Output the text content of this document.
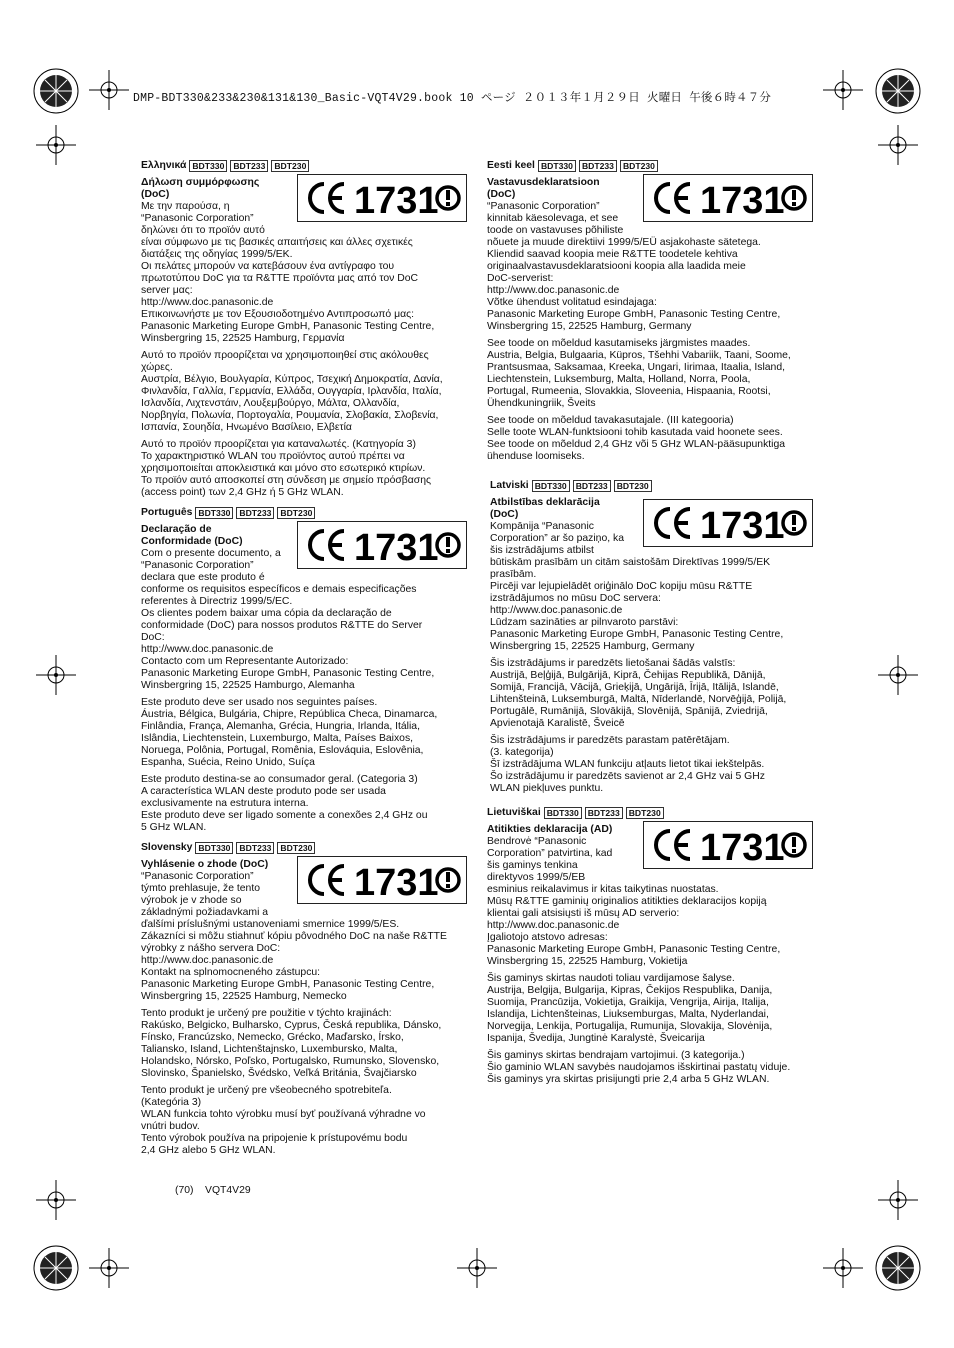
DMP-BDT330&233&230&131&130_Basic-VQT4V29.book 10 ページ ２０１３年１月２９日 火曜日 午後６時４７分
Ελληνικά BDT330	BDT233	BDT230
Δήλωση συμμόρφωσης
(DoC)
Με την παρούσα, η
“Panasonic Corporation”
δηλώνει ότι το προϊόν αυτό
είναι σύμφωνο με τις βασικές απαιτήσεις και άλλες σχετικές
διατάξεις της οδηγίας 1999/5/ΕΚ.
Οι πελάτες μπορούν να κατεβάσουν ένα αντίγραφο του
πρωτοτύπου DoC για τα R&TTE προϊόντα μας από τον DoC
server μας:
http://www.doc.panasonic.de
Επικοινωνήστε με τον Εξουσιοδοτημένο Αντιπροσωπό μας:
Panasonic Marketing Europe GmbH, Panasonic Testing Centre,
Winsbergring 15, 22525 Hamburg, Γερμανία
Αυτό το προϊόν προορίζεται να χρησιμοποιηθεί στις ακόλουθες
χώρες.
Αυστρία, Βέλγιο, Βουλγαρία, Κύπρος, Τσεχική Δημοκρατία, Δανία,
Φινλανδία, Γαλλία, Γερμανία, Ελλάδα, Ουγγαρία, Ιρλανδία, Ιταλία,
Ισλανδία, Λιχτενστάιν, Λουξεμβούργο, Μάλτα, Ολλανδία,
Νορβηγία, Πολωνία, Πορτογαλία, Ρουμανία, Σλοβακία, Σλοβενία,
Ισπανία, Σουηδία, Ηνωμένο Βασίλειο, Ελβετία
Αυτό το προϊόν προορίζεται για καταναλωτές. (Κατηγορία 3)
Το χαρακτηριστικό WLAN του προϊόντος αυτού πρέπει να
χρησιμοποιείται αποκλειστικά και μόνο στο εσωτερικό κτιρίων.
Το προϊόν αυτό αποσκοπεί στη σύνδεση με σημείο πρόσβασης
(access point) των 2,4 GHz ή 5 GHz WLAN.
1731
Português BDT330	BDT233	BDT230
Declaração de
Conformidade (DoC)
Com o presente documento, a
“Panasonic Corporation”
declara que este produto é
conforme os requisitos específicos e demais especificações
referentes à Directriz 1999/5/EC.
Os clientes podem baixar uma cópia da declaração de
conformidade (DoC) para nossos produtos R&TTE do Server
DoC:
http://www.doc.panasonic.de
Contacto com um Representante Autorizado:
Panasonic Marketing Europe GmbH, Panasonic Testing Centre,
Winsbergring 15, 22525 Hamburgo, Alemanha
Este produto deve ser usado nos seguintes países.
Áustria, Bélgica, Bulgária, Chipre, República Checa, Dinamarca,
Finlândia, França, Alemanha, Grécia, Hungria, Irlanda, Itália,
Islândia, Liechtenstein, Luxemburgo, Malta, Países Baixos,
Noruega, Polônia, Portugal, Romênia, Eslováquia, Eslovênia,
Espanha, Suécia, Reino Unido, Suíça
Este produto destina-se ao consumador geral. (Categoria 3)
A característica WLAN deste produto pode ser usada
exclusivamente na estrutura interna.
Este produto deve ser ligado somente a conexões 2,4 GHz ou
5 GHz WLAN.
1731
Slovensky BDT330	BDT233	BDT230
Vyhlásenie o zhode (DoC)
“Panasonic Corporation”
týmto prehlasuje, že tento
výrobok je v zhode so
základnými požiadavkami a
ďalšími príslušnými ustanoveniami smernice 1999/5/ES.
Zákazníci si môžu stiahnuť kópiu pôvodného DoC na naše R&TTE
výrobky z nášho servera DoC:
http://www.doc.panasonic.de
Kontakt na splnomocneného zástupcu:
Panasonic Marketing Europe GmbH, Panasonic Testing Centre,
Winsbergring 15, 22525 Hamburg, Nemecko
Tento produkt je určený pre použitie v týchto krajinách:
Rakúsko, Belgicko, Bulharsko, Cyprus, Česká republika, Dánsko,
Fínsko, Francúzsko, Nemecko, Grécko, Maďarsko, Írsko,
Taliansko, Island, Lichtenštajnsko, Luxembursko, Malta,
Holandsko, Nórsko, Poľsko, Portugalsko, Rumunsko, Slovensko,
Slovinsko, Španielsko, Švédsko, Veľká Británia, Švajčiarsko
Tento produkt je určený pre všeobecného spotrebiteľa.
(Kategória 3)
WLAN funkcia tohto výrobku musí byť používaná výhradne vo
vnútri budov.
Tento výrobok používa na pripojenie k prístupovému bodu
2,4 GHz alebo 5 GHz WLAN.
1731
Eesti keel BDT330	BDT233	BDT230
Vastavusdeklaratsioon
(DoC)
“Panasonic Corporation”
kinnitab käesolevaga, et see
toode on vastavuses põhiliste
nõuete ja muude direktiivi 1999/5/EÜ asjakohaste sätetega.
Kliendid saavad koopia meie R&TTE toodetele kehtiva
originaalvastavusdeklaratsiooni koopia alla laadida meie
DoC-serverist:
http://www.doc.panasonic.de
Võtke ühendust volitatud esindajaga:
Panasonic Marketing Europe GmbH, Panasonic Testing Centre,
Winsbergring 15, 22525 Hamburg, Germany
See toode on mõeldud kasutamiseks järgmistes maades.
Austria, Belgia, Bulgaaria, Küpros, Tšehhi Vabariik, Taani, Soome,
Prantsusmaa, Saksamaa, Kreeka, Ungari, Iirimaa, Itaalia, Island,
Liechtenstein, Luksemburg, Malta, Holland, Norra, Poola,
Portugal, Rumeenia, Slovakkia, Sloveenia, Hispaania, Rootsi,
Ühendkuningriik, Šveits
See toode on mõeldud tavakasutajale. (III kategooria)
Selle toote WLAN-funktsiooni tohib kasutada vaid hoonete sees.
See toode on mõeldud 2,4 GHz või 5 GHz WLAN-pääsupunktiga
ühenduse loomiseks.
1731
Latviski BDT330	BDT233	BDT230
Atbilstības deklarācija
(DoC)
Kompānija “Panasonic
Corporation” ar šo paziņo, ka
šis izstrādājums atbilst
būtiskām prasībām un citām saistošām Direktīvas 1999/5/EK
prasībām.
Pircēji var lejupielādēt oriģinālo DoC kopiju mūsu R&TTE
izstrādājumos no mūsu DoC servera:
http://www.doc.panasonic.de
Lūdzam sazināties ar pilnvaroto parstāvi:
Panasonic Marketing Europe GmbH, Panasonic Testing Centre,
Winsbergring 15, 22525 Hamburg, Germany
Šis izstrādājums ir paredzēts lietošanai šādās valstīs:
Austrijā, Beļģijā, Bulgārijā, Kiprā, Čehijas Republikā, Dānijā,
Somijā, Francijā, Vācijā, Grieķijā, Ungārijā, Īrijā, Itālijā, Islandē,
Lihtenšteinā, Luksemburgā, Maltā, Nīderlandē, Norvēģijā, Polijā,
Portugālē, Rumānijā, Slovākijā, Slovēnijā, Spānijā, Zviedrijā,
Apvienotajā Karalistē, Šveicē
Šis izstrādājums ir paredzēts parastam patērētājam.
(3. kategorija)
Šī izstrādājuma WLAN funkciju atļauts lietot tikai iekštelpās.
Šo izstrādājumu ir paredzēts savienot ar 2,4 GHz vai 5 GHz
WLAN piekļuves punktu.
1731
Lietuviškai BDT330	BDT233	BDT230
Atitikties deklaracija (AD)
Bendrovė “Panasonic
Corporation” patvirtina, kad
šis gaminys tenkina
direktyvos 1999/5/EB
esminius reikalavimus ir kitas taikytinas nuostatas.
Mūsų R&TTE gaminių originalios atitikties deklaracijos kopiją
klientai gali atsisiųsti iš mūsų AD serverio:
http://www.doc.panasonic.de
Įgaliotojo atstovo adresas:
Panasonic Marketing Europe GmbH, Panasonic Testing Centre,
Winsbergring 15, 22525 Hamburg, Vokietija
Šis gaminys skirtas naudoti toliau vardijamose šalyse.
Austrija, Belgija, Bulgarija, Kipras, Čekijos Respublika, Danija,
Suomija, Prancūzija, Vokietija, Graikija, Vengrija, Airija, Italija,
Islandija, Lichtenšteinas, Liuksemburgas, Malta, Nyderlandai,
Norvegija, Lenkija, Portugalija, Rumunija, Slovakija, Slovėnija,
Ispanija, Švedija, Jungtinė Karalystė, Šveicarija
Šis gaminys skirtas bendrajam vartojimui. (3 kategorija.)
Šio gaminio WLAN savybės naudojamos išskirtinai pastatų viduje.
Šis gaminys yra skirtas prisijungti prie 2,4 arba 5 GHz WLAN.
1731
(70) VQT4V29
